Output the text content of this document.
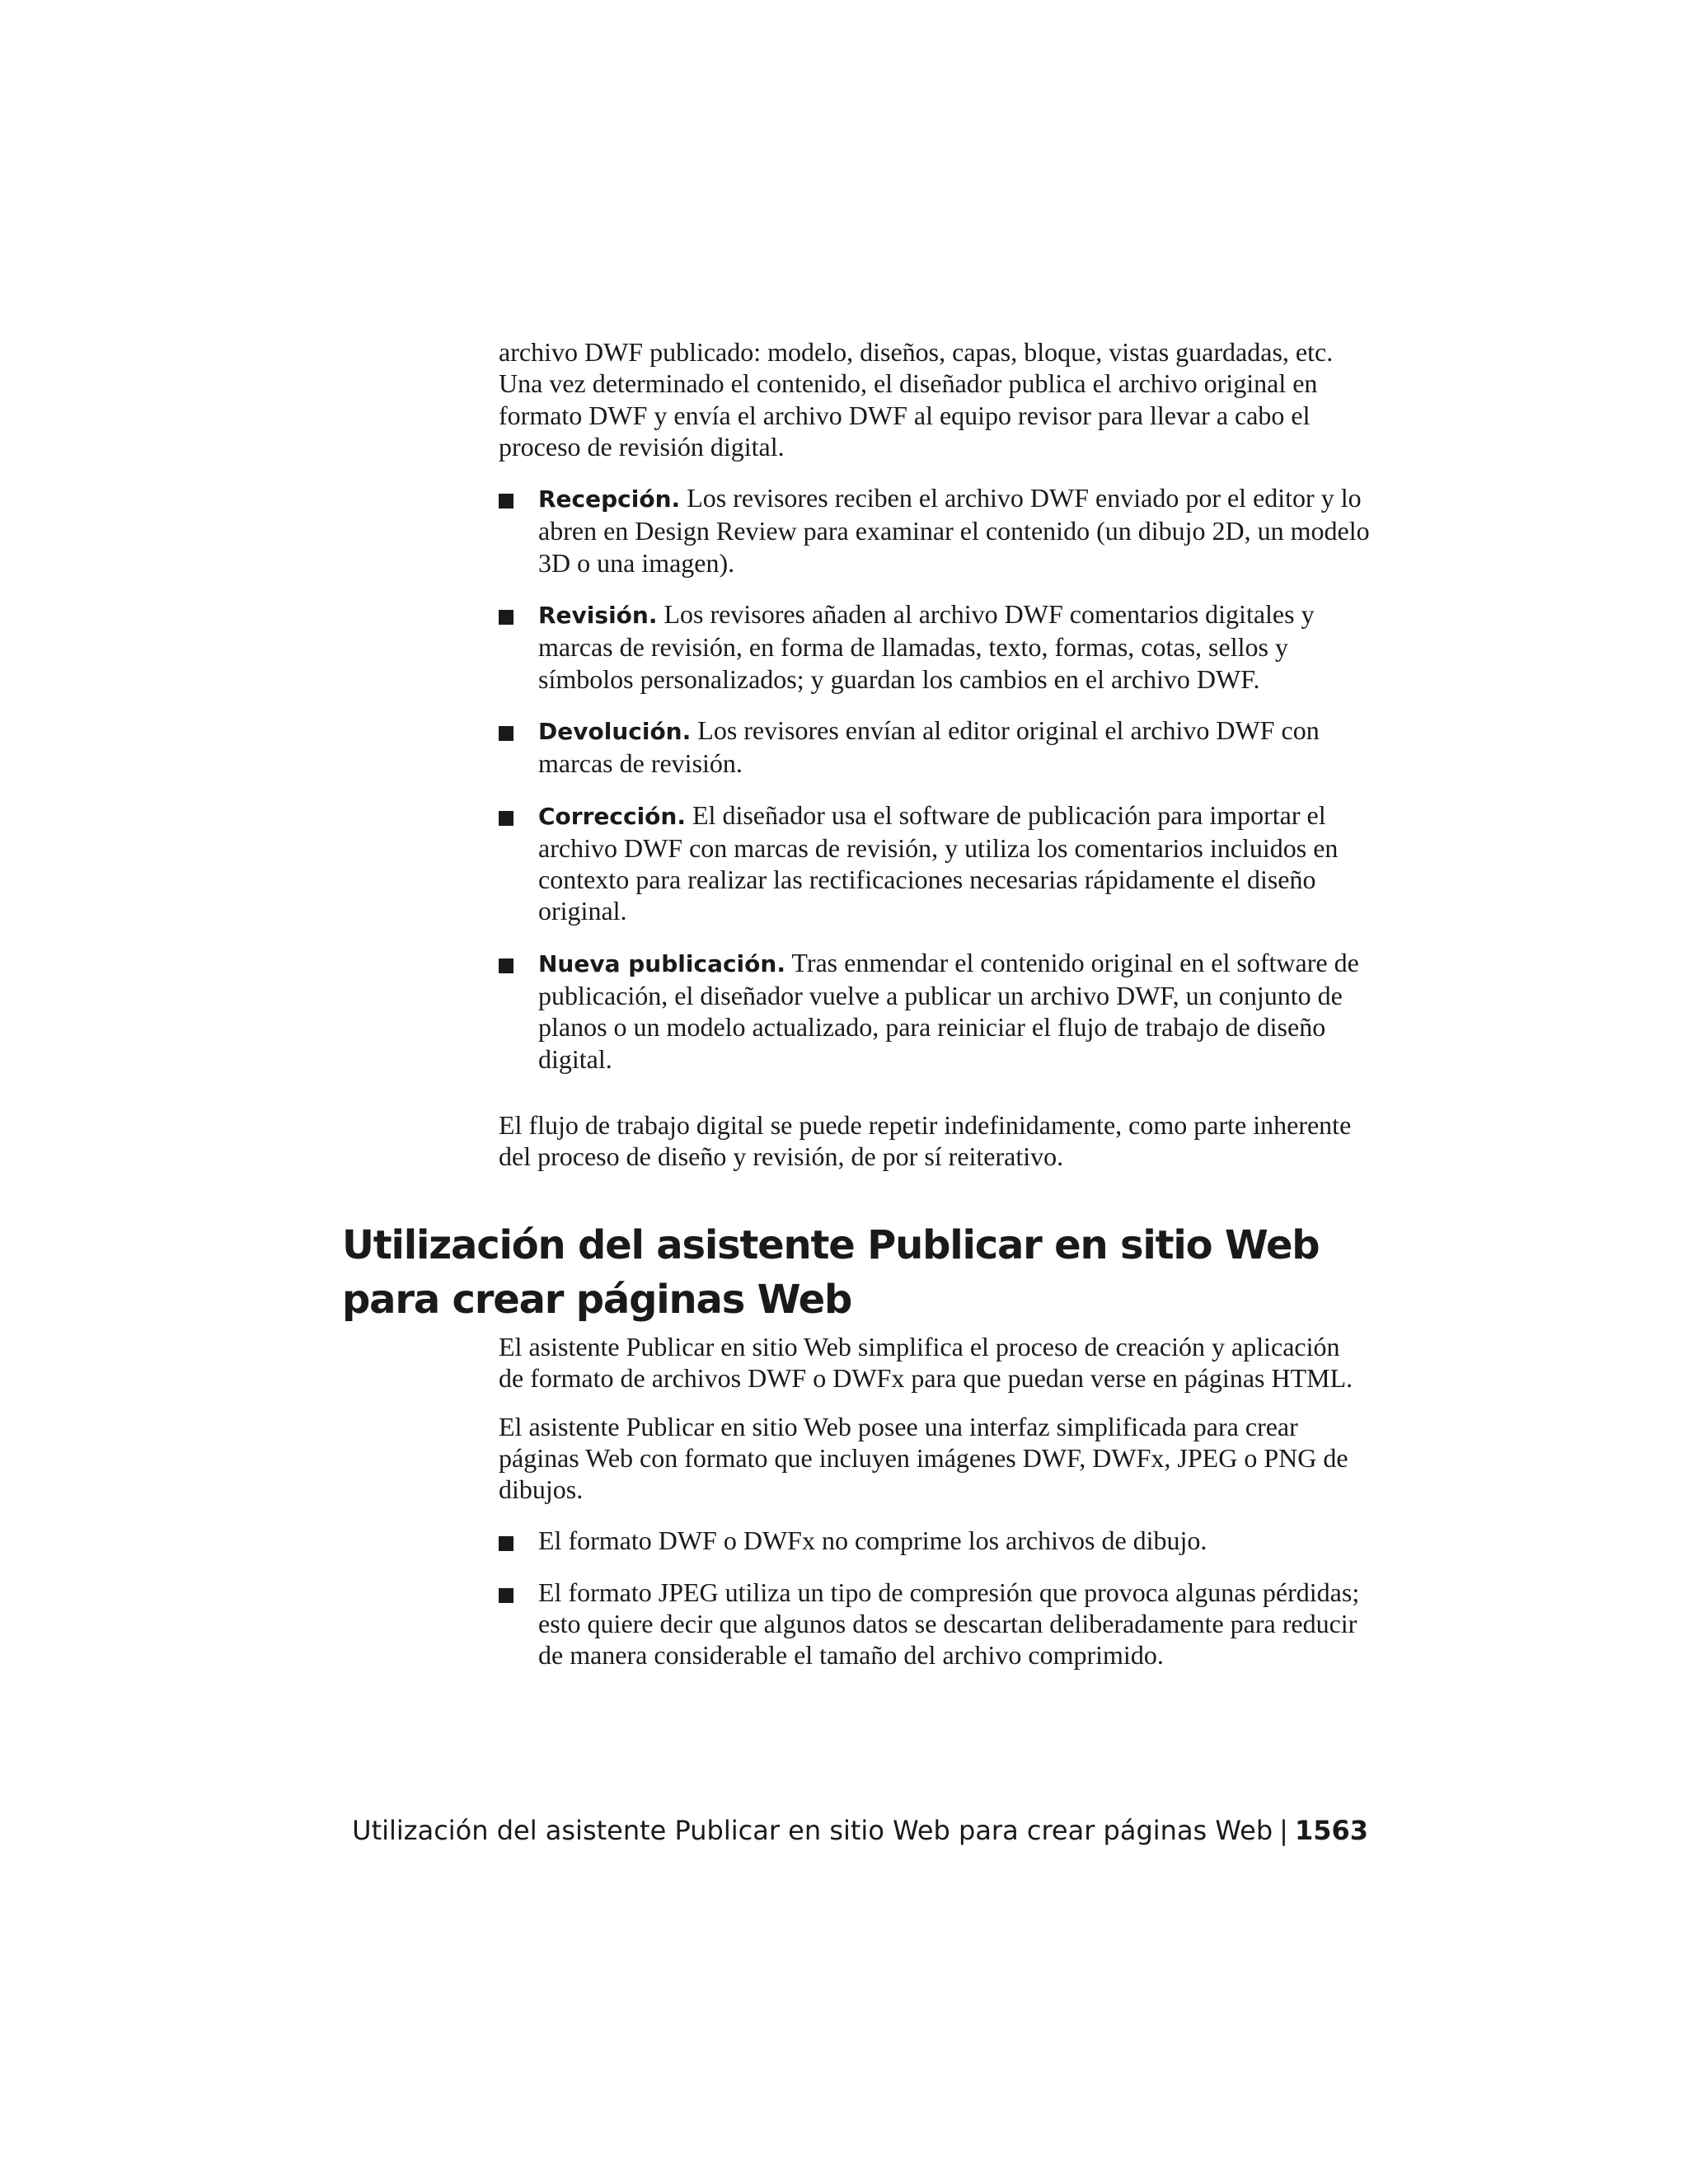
archivo DWF publicado: modelo, diseños, capas, bloque, vistas guardadas, etc. Una vez determinado el contenido, el diseñador publica el archivo original en formato DWF y envía el archivo DWF al equipo revisor para llevar a cabo el proceso de revisión digital.

Recepción. Los revisores reciben el archivo DWF enviado por el editor y lo abren en Design Review para examinar el contenido (un dibujo 2D, un modelo 3D o una imagen).
Revisión. Los revisores añaden al archivo DWF comentarios digitales y marcas de revisión, en forma de llamadas, texto, formas, cotas, sellos y símbolos personalizados; y guardan los cambios en el archivo DWF.
Devolución. Los revisores envían al editor original el archivo DWF con marcas de revisión.
Corrección. El diseñador usa el software de publicación para importar el archivo DWF con marcas de revisión, y utiliza los comentarios incluidos en contexto para realizar las rectificaciones necesarias rápidamente el diseño original.
Nueva publicación. Tras enmendar el contenido original en el software de publicación, el diseñador vuelve a publicar un archivo DWF, un conjunto de planos o un modelo actualizado, para reiniciar el flujo de trabajo de diseño digital.

El flujo de trabajo digital se puede repetir indefinidamente, como parte inherente del proceso de diseño y revisión, de por sí reiterativo.

Utilización del asistente Publicar en sitio Web para crear páginas Web

El asistente Publicar en sitio Web simplifica el proceso de creación y aplicación de formato de archivos DWF o DWFx para que puedan verse en páginas HTML.

El asistente Publicar en sitio Web posee una interfaz simplificada para crear páginas Web con formato que incluyen imágenes DWF, DWFx, JPEG o PNG de dibujos.

El formato DWF o DWFx no comprime los archivos de dibujo.
El formato JPEG utiliza un tipo de compresión que provoca algunas pérdidas; esto quiere decir que algunos datos se descartan deliberadamente para reducir de manera considerable el tamaño del archivo comprimido.
Utilización del asistente Publicar en sitio Web para crear páginas Web | 1563
